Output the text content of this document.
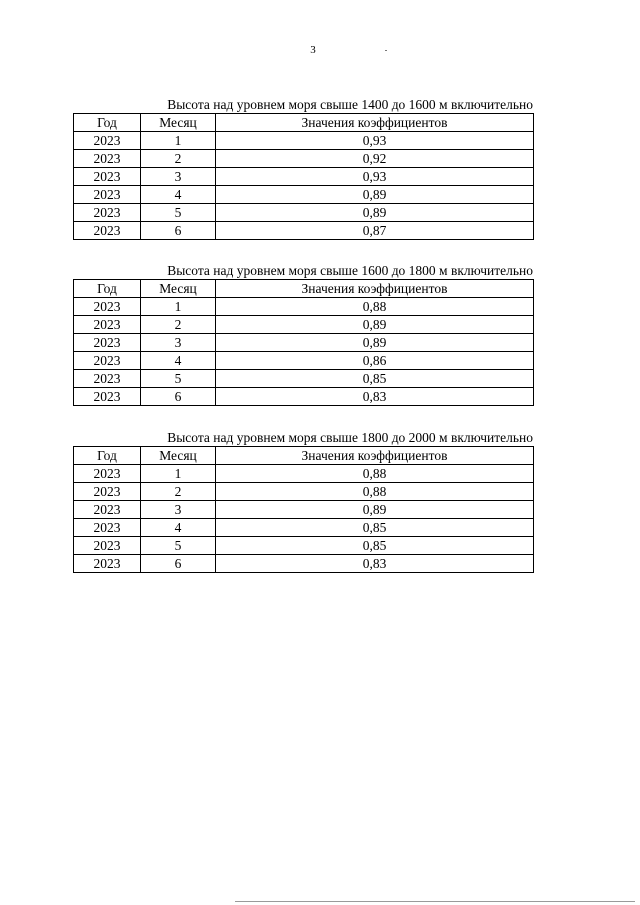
3
Высота над уровнем моря свыше 1400 до 1600 м включительно
Год	Месяц	Значения коэффициентов
2023	1	0,93
2023	2	0,92
2023	3	0,93
2023	4	0,89
2023	5	0,89
2023	6	0,87
Высота над уровнем моря свыше 1600 до 1800 м включительно
Год	Месяц	Значения коэффициентов
2023	1	0,88
2023	2	0,89
2023	3	0,89
2023	4	0,86
2023	5	0,85
2023	6	0,83
Высота над уровнем моря свыше 1800 до 2000 м включительно
Год	Месяц	Значения коэффициентов
2023	1	0,88
2023	2	0,88
2023	3	0,89
2023	4	0,85
2023	5	0,85
2023	6	0,83
